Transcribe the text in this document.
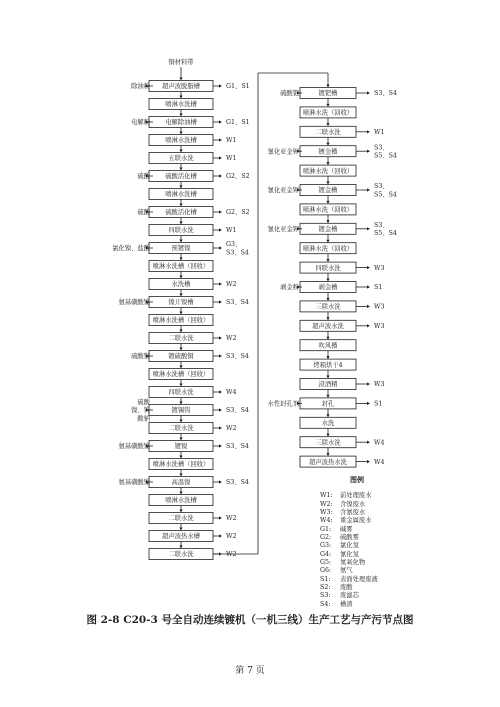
铜材料带
超声波脱脂槽
除油粉	G1、S1
喷淋水洗槽
电解除油槽
电解粉	G1、S1
喷淋水洗槽	W1
五联水洗	W1
硫酸活化槽
硫酸	G2、S2
喷淋水洗槽
硫酸活化槽
硫酸	G2、S2
四联水洗	W1
预镀镍
氯化镍、盐酸
G3、 S3、S4
喷淋水洗槽（回收）
水洗槽	W2
镍丌镍槽
氨基磺酸镍	S3、S4
喷淋水洗槽（回收）
二联水洗	W2
镀硫酸铜
硫酸铜	S3、S4
喷淋水洗槽（回收）
四联水洗	W4
镀锡钨
硫酸镍、钨酸钠
S3、S4
二联水洗	W2
镀镍
氨基磺酸镍	S3、S4
喷淋水洗槽（回收）
高温镍
氨基磺酸镍	S3、S4
喷淋水洗槽
二联水洗	W2
超声波热水槽	W2
二联水洗	W2
镀钯槽
硫酸钯	S3、S4
喷淋水洗（回收）
二联水洗	W1
镀金槽
氰化亚金钾
S3、 S5、S4
喷淋水洗（回收）
镀金槽
氰化亚金钾
S3、 S5、S4
喷淋水洗（回收）
镀金槽
氰化亚金钾
S3、 S5、S4
喷淋水洗（回收）
四联水洗	W3
剥金槽
剥金粉	S1
三联水洗	W3
超声波水洗	W3
吹风槽
烤箱烘干4
浸酒精	W3
封孔
水性封孔剂	S1
水洗
三联水洗	W4
超声波热水洗	W4
图例
W1:	前处理废水
W2:	含镍废水
W3:	含氰废水
W4:	重金属废水
G1:	碱雾
G2:	硫酸雾
G3:	氯化氢
G4:	氰化氢
G5:	氮氧化物
G6:	氨气
S1:	表面处理废液
S2:	废酸
S3:	废滤芯
S4:	槽渣
图 2-8 C20-3 号全自动连续镀机（一机三线）生产工艺与产污节点图
第 7 页
